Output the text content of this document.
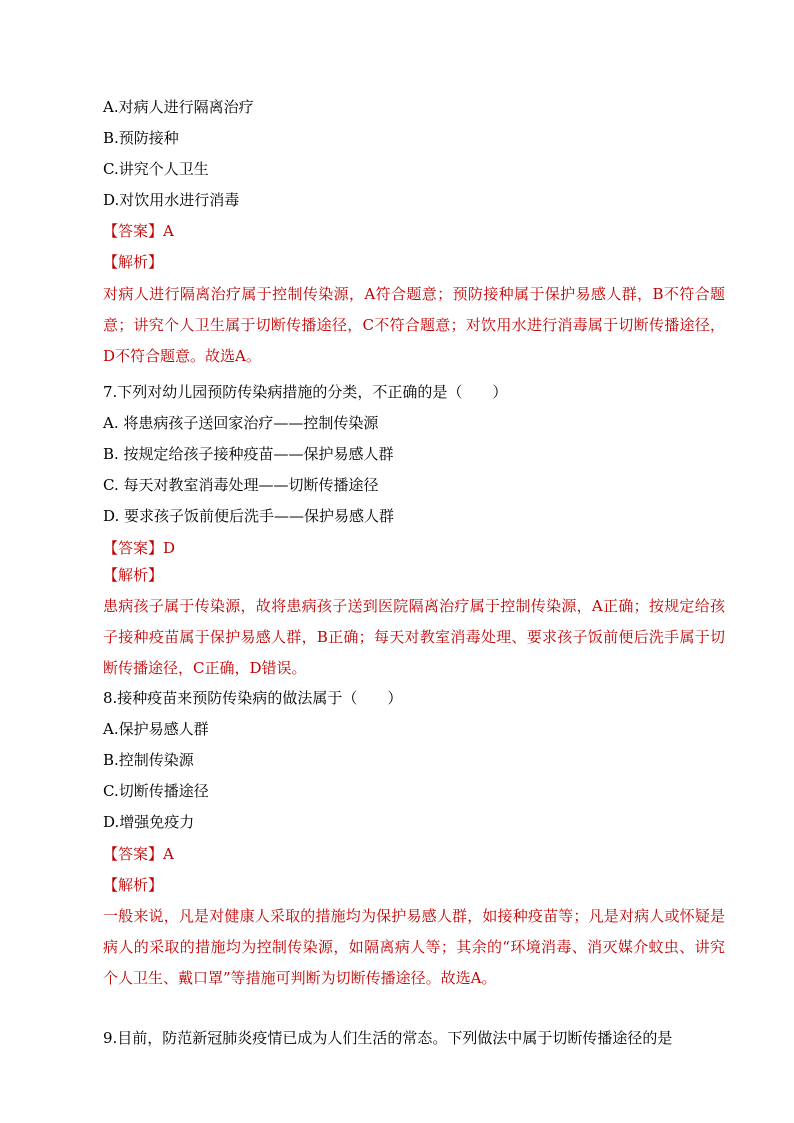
A.对病人进行隔离治疗
B.预防接种
C.讲究个人卫生
D.对饮用水进行消毒
【答案】A
【解析】
对病人进行隔离治疗属于控制传染源，A符合题意；预防接种属于保护易感人群，B不符合题意；讲究个人卫生属于切断传播途径，C不符合题意；对饮用水进行消毒属于切断传播途径，D不符合题意。故选A。
7.下列对幼儿园预防传染病措施的分类，不正确的是（　　）
A. 将患病孩子送回家治疗——控制传染源
B. 按规定给孩子接种疫苗——保护易感人群
C. 每天对教室消毒处理——切断传播途径
D. 要求孩子饭前便后洗手——保护易感人群
【答案】D
【解析】
患病孩子属于传染源，故将患病孩子送到医院隔离治疗属于控制传染源，A正确；按规定给孩子接种疫苗属于保护易感人群，B正确；每天对教室消毒处理、要求孩子饭前便后洗手属于切断传播途径，C正确，D错误。
8.接种疫苗来预防传染病的做法属于（　　）
A.保护易感人群
B.控制传染源
C.切断传播途径
D.增强免疫力
【答案】A
【解析】
一般来说，凡是对健康人采取的措施均为保护易感人群，如接种疫苗等；凡是对病人或怀疑是病人的采取的措施均为控制传染源，如隔离病人等；其余的“环境消毒、消灭媒介蚊虫、讲究个人卫生、戴口罩”等措施可判断为切断传播途径。故选A。
9.目前，防范新冠肺炎疫情已成为人们生活的常态。下列做法中属于切断传播途径的是
